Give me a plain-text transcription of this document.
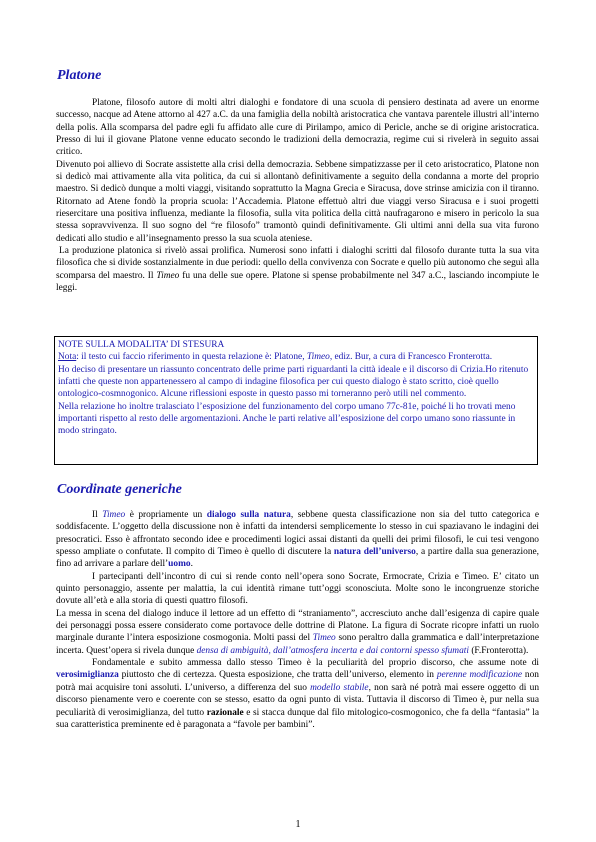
Platone

Platone, filosofo autore di molti altri dialoghi e fondatore di una scuola di pensiero destinata ad avere un enorme successo, nacque ad Atene attorno al 427 a.C. da una famiglia della nobiltà aristocratica che vantava parentele illustri all’interno della polis. Alla scomparsa del padre egli fu affidato alle cure di Pirilampo, amico di Pericle, anche se di origine aristocratica. Presso di lui il giovane Platone venne educato secondo le tradizioni della democrazia, regime cui si rivelerà in seguito assai critico.

Divenuto poi allievo di Socrate assistette alla crisi della democrazia. Sebbene simpatizzasse per il ceto aristocratico, Platone non si dedicò mai attivamente alla vita politica, da cui si allontanò definitivamente a seguito della condanna a morte del proprio maestro. Si dedicò dunque a molti viaggi, visitando soprattutto la Magna Grecia e Siracusa, dove strinse amicizia con il tiranno. Ritornato ad Atene fondò la propria scuola: l’Accademia. Platone effettuò altri due viaggi verso Siracusa e i suoi progetti riesercitare una positiva influenza, mediante la filosofia, sulla vita politica della città naufragarono e misero in pericolo la sua stessa sopravvivenza. Il suo sogno del “re filosofo” tramontò quindi definitivamente. Gli ultimi anni della sua vita furono dedicati allo studio e all’insegnamento presso la sua scuola ateniese.

La produzione platonica si rivelò assai prolifica. Numerosi sono infatti i dialoghi scritti dal filosofo durante tutta la sua vita filosofica che si divide sostanzialmente in due periodi: quello della convivenza con Socrate e quello più autonomo che seguì alla scomparsa del maestro. Il Timeo fu una delle sue opere. Platone si spense probabilmente nel 347 a.C., lasciando incompiute le leggi.

NOTE SULLA MODALITA’ DI STESURA

Nota: il testo cui faccio riferimento in questa relazione è: Platone, Timeo, ediz. Bur, a cura di Francesco Fronterotta.

Ho deciso di presentare un riassunto concentrato delle prime parti riguardanti la città ideale e il discorso di Crizia.Ho ritenuto infatti che queste non appartenessero al campo di indagine filosofica per cui questo dialogo è stato scritto, cioè quello ontologico-cosmnogonico. Alcune riflessioni esposte in questo passo mi torneranno però utili nel commento.

Nella relazione ho inoltre tralasciato l’esposizione del funzionamento del corpo umano 77c-81e, poiché li ho trovati meno importanti rispetto al resto delle argomentazioni. Anche le parti relative all’esposizione del corpo umano sono riassunte in modo stringato.

Coordinate generiche

Il Timeo è propriamente un dialogo sulla natura, sebbene questa classificazione non sia del tutto categorica e soddisfacente. L’oggetto della discussione non è infatti da intendersi semplicemente lo stesso in cui spaziavano le indagini dei presocratici. Esso è affrontato secondo idee e procedimenti logici assai distanti da quelli dei primi filosofi, le cui tesi vengono spesso ampliate o confutate. Il compito di Timeo è quello di discutere la natura dell’universo, a partire dalla sua generazione, fino ad arrivare a parlare dell’uomo.

I partecipanti dell’incontro di cui si rende conto nell’opera sono Socrate, Ermocrate, Crizia e Timeo. E’ citato un quinto personaggio, assente per malattia, la cui identità rimane tutt’oggi sconosciuta. Molte sono le incongruenze storiche dovute all’età e alla storia di questi quattro filosofi.

La messa in scena del dialogo induce il lettore ad un effetto di “straniamento”, accresciuto anche dall’esigenza di capire quale dei personaggi possa essere considerato come portavoce delle dottrine di Platone. La figura di Socrate ricopre infatti un ruolo marginale durante l’intera esposizione cosmogonia. Molti passi del Timeo sono peraltro dalla grammatica e dall’interpretazione incerta. Quest’opera si rivela dunque densa di ambiguità, dall’atmosfera incerta e dai contorni spesso sfumati (F.Fronterotta).

Fondamentale e subito ammessa dallo stesso Timeo è la peculiarità del proprio discorso, che assume note di verosimiglianza piuttosto che di certezza. Questa esposizione, che tratta dell’universo, elemento in perenne modificazione non potrà mai acquisire toni assoluti. L’universo, a differenza del suo modello stabile, non sarà né potrà mai essere oggetto di un discorso pienamente vero e coerente con se stesso, esatto da ogni punto di vista. Tuttavia il discorso di Timeo è, pur nella sua peculiarità di verosimiglianza, del tutto razionale e si stacca dunque dal filo mitologico-cosmogonico, che fa della “fantasia” la sua caratteristica preminente ed è paragonata a “favole per bambini”.

1
